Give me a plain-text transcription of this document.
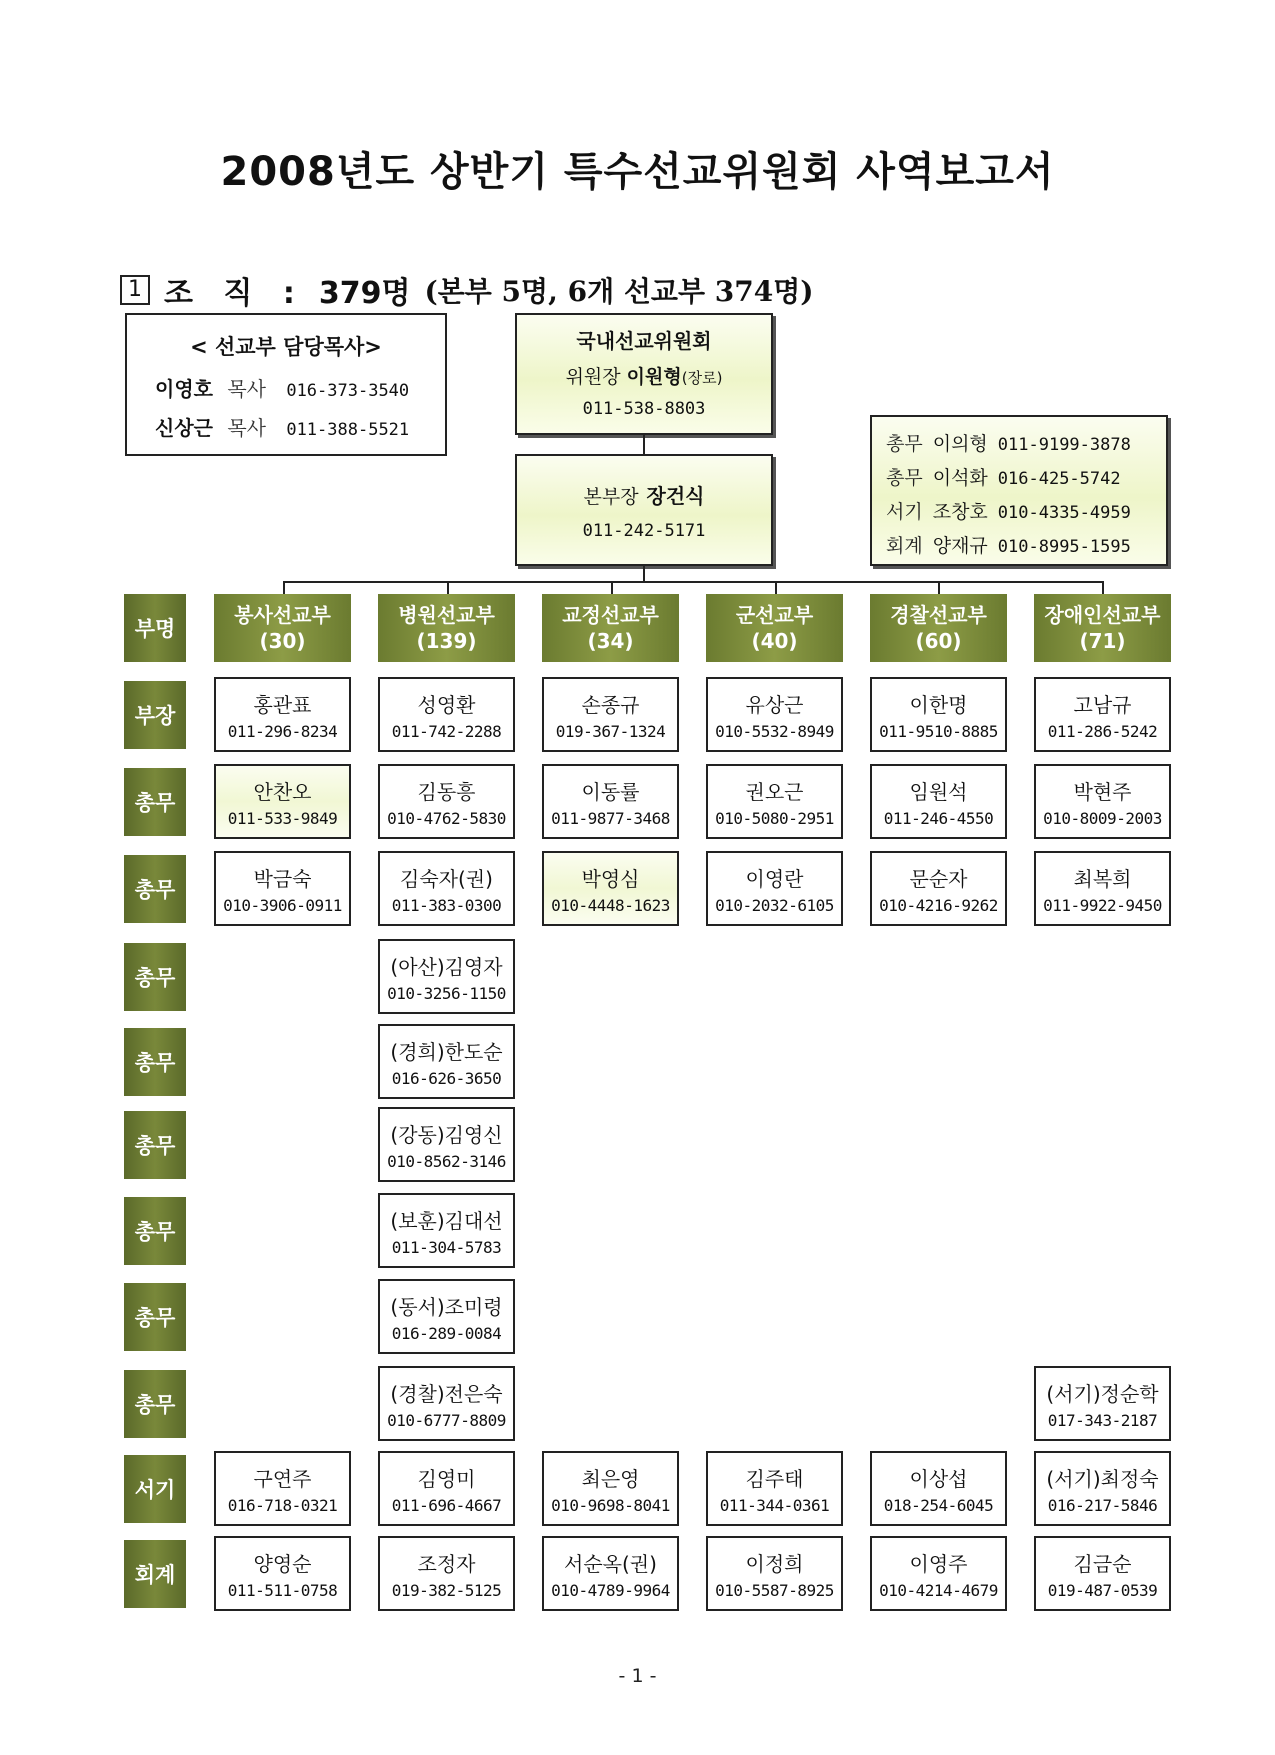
2008년도 상반기 특수선교위원회 사역보고서
1 조 직 : 379명 (본부 5명, 6개 선교부 374명)
< 선교부 담당목사>
이영호 목사 016-373-3540
신상근 목사 011-388-5521
국내선교위원회
위원장 이원형(장로)
011-538-8803
본부장 장건식
011-242-5171
총무 이의형 011-9199-3878
총무 이석화 016-425-5742
서기 조창호 010-4335-4959
회계 양재규 010-8995-1595
부명
부장
총무
총무
총무
총무
총무
총무
총무
총무
서기
회계
봉사선교부
(30)
병원선교부
(139)
교정선교부
(34)
군선교부
(40)
경찰선교부
(60)
장애인선교부
(71)
홍관표
011-296-8234
성영환
011-742-2288
손종규
019-367-1324
유상근
010-5532-8949
이한명
011-9510-8885
고남규
011-286-5242
안찬오
011-533-9849
김동흥
010-4762-5830
이동률
011-9877-3468
권오근
010-5080-2951
임원석
011-246-4550
박현주
010-8009-2003
박금숙
010-3906-0911
김숙자(권)
011-383-0300
박영심
010-4448-1623
이영란
010-2032-6105
문순자
010-4216-9262
최복희
011-9922-9450
(아산)김영자
010-3256-1150
(경희)한도순
016-626-3650
(강동)김영신
010-8562-3146
(보훈)김대선
011-304-5783
(동서)조미령
016-289-0084
(경찰)전은숙
010-6777-8809
(서기)정순학
017-343-2187
구연주
016-718-0321
김영미
011-696-4667
최은영
010-9698-8041
김주태
011-344-0361
이상섭
018-254-6045
(서기)최정숙
016-217-5846
양영순
011-511-0758
조정자
019-382-5125
서순옥(권)
010-4789-9964
이정희
010-5587-8925
이영주
010-4214-4679
김금순
019-487-0539
- 1 -
